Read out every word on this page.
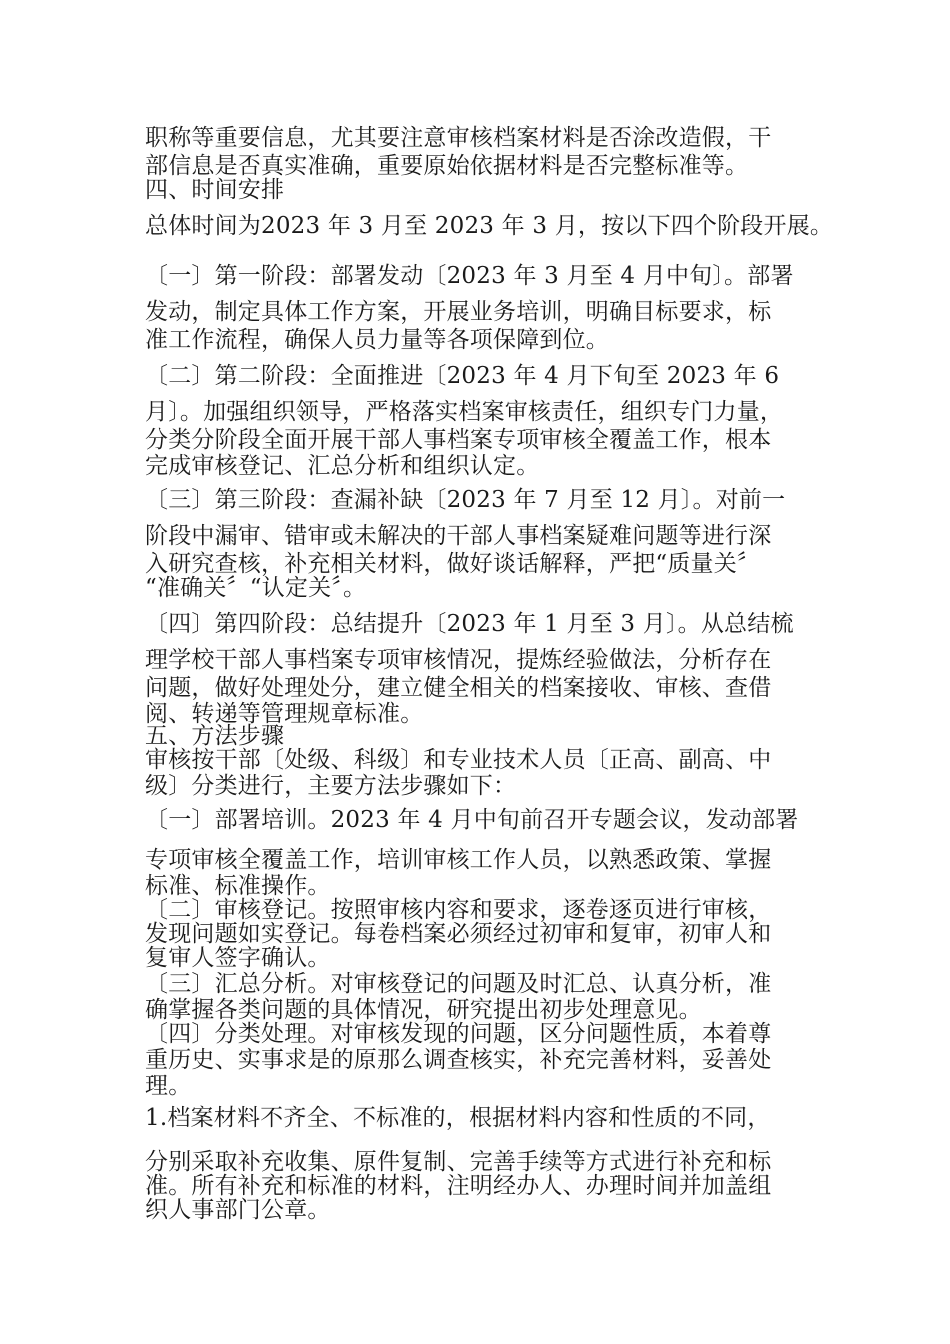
职称等重要信息，尤其要注意审核档案材料是否涂改造假，干
部信息是否真实准确，重要原始依据材料是否完整标准等。
四、时间安排
总体时间为2023 年 3 月至 2023 年 3 月，按以下四个阶段开展。
〔一〕第一阶段：部署发动〔2023 年 3 月至 4 月中旬〕。部署
发动，制定具体工作方案，开展业务培训，明确目标要求，标
准工作流程，确保人员力量等各项保障到位。
〔二〕第二阶段：全面推进〔2023 年 4 月下旬至 2023 年 6
月〕。加强组织领导，严格落实档案审核责任，组织专门力量，
分类分阶段全面开展干部人事档案专项审核全覆盖工作，根本
完成审核登记、汇总分析和组织认定。
〔三〕第三阶段：查漏补缺〔2023 年 7 月至 12 月〕。对前一
阶段中漏审、错审或未解决的干部人事档案疑难问题等进行深
入研究查核，补充相关材料，做好谈话解释，严把“质量关〞
“准确关〞“认定关〞。
〔四〕第四阶段：总结提升〔2023 年 1 月至 3 月〕。从总结梳
理学校干部人事档案专项审核情况，提炼经验做法，分析存在
问题，做好处理处分，建立健全相关的档案接收、审核、查借
阅、转递等管理规章标准。
五、方法步骤
审核按干部〔处级、科级〕和专业技术人员〔正高、副高、中
级〕分类进行，主要方法步骤如下：
〔一〕部署培训。2023 年 4 月中旬前召开专题会议，发动部署
专项审核全覆盖工作，培训审核工作人员，以熟悉政策、掌握
标准、标准操作。
〔二〕审核登记。按照审核内容和要求，逐卷逐页进行审核，
发现问题如实登记。每卷档案必须经过初审和复审，初审人和
复审人签字确认。
〔三〕汇总分析。对审核登记的问题及时汇总、认真分析，准
确掌握各类问题的具体情况，研究提出初步处理意见。
〔四〕分类处理。对审核发现的问题，区分问题性质，本着尊
重历史、实事求是的原那么调查核实，补充完善材料，妥善处
理。
1.档案材料不齐全、不标准的，根据材料内容和性质的不同，
分别采取补充收集、原件复制、完善手续等方式进行补充和标
准。所有补充和标准的材料，注明经办人、办理时间并加盖组
织人事部门公章。
